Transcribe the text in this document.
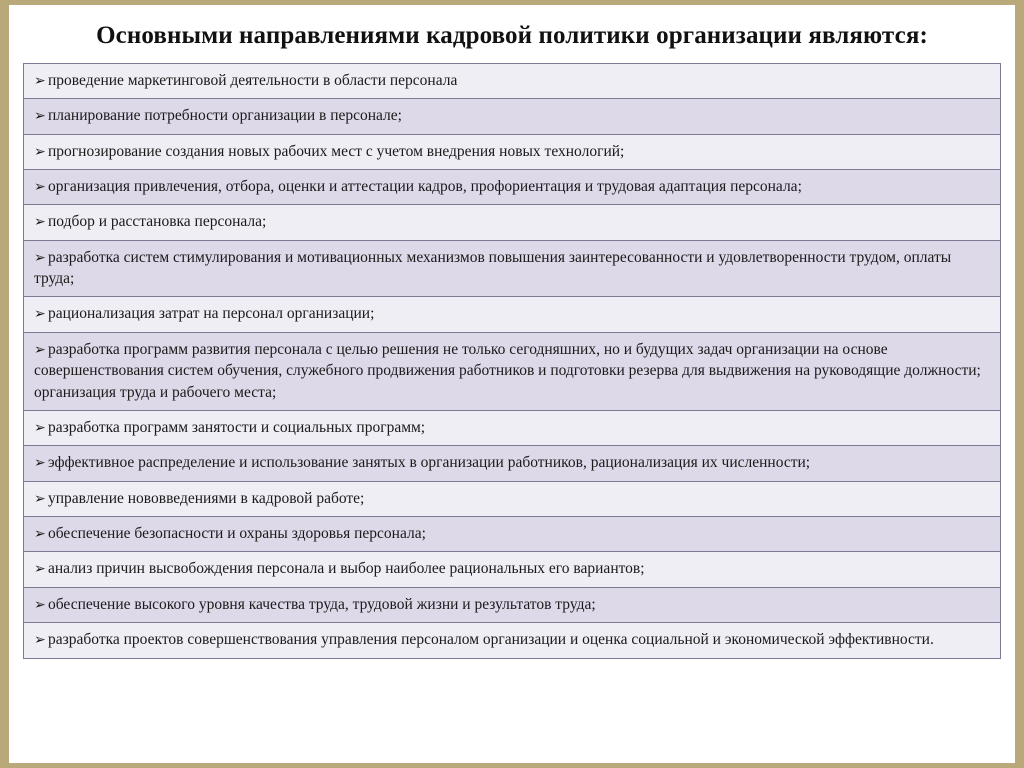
Основными направлениями кадровой политики организации являются:
➢ проведение маркетинговой деятельности в области персонала
➢ планирование потребности организации в персонале;
➢ прогнозирование создания новых рабочих мест с учетом внедрения новых технологий;
➢ организация привлечения, отбора, оценки и аттестации кадров, профориентация и трудовая адаптация персонала;
➢ подбор и расстановка персонала;
➢ разработка систем стимулирования и мотивационных механизмов повышения заинтересованности и удовлетворенности трудом, оплаты труда;
➢ рационализация затрат на персонал организации;
➢ разработка программ развития персонала с целью решения не только сегодняшних, но и будущих задач организации на основе совершенствования систем обучения, служебного продвижения работников и подготовки резерва для выдвижения на руководящие должности; организация труда и рабочего места;
➢ разработка программ занятости и социальных программ;
➢ эффективное распределение и использование занятых в организации работников, рационализация их численности;
➢ управление нововведениями в кадровой работе;
➢ обеспечение безопасности и охраны здоровья персонала;
➢ анализ причин высвобождения персонала и выбор наиболее рациональных его вариантов;
➢ обеспечение высокого уровня качества труда, трудовой жизни и результатов труда;
➢ разработка проектов совершенствования управления персоналом организации и оценка социальной и экономической эффективности.
